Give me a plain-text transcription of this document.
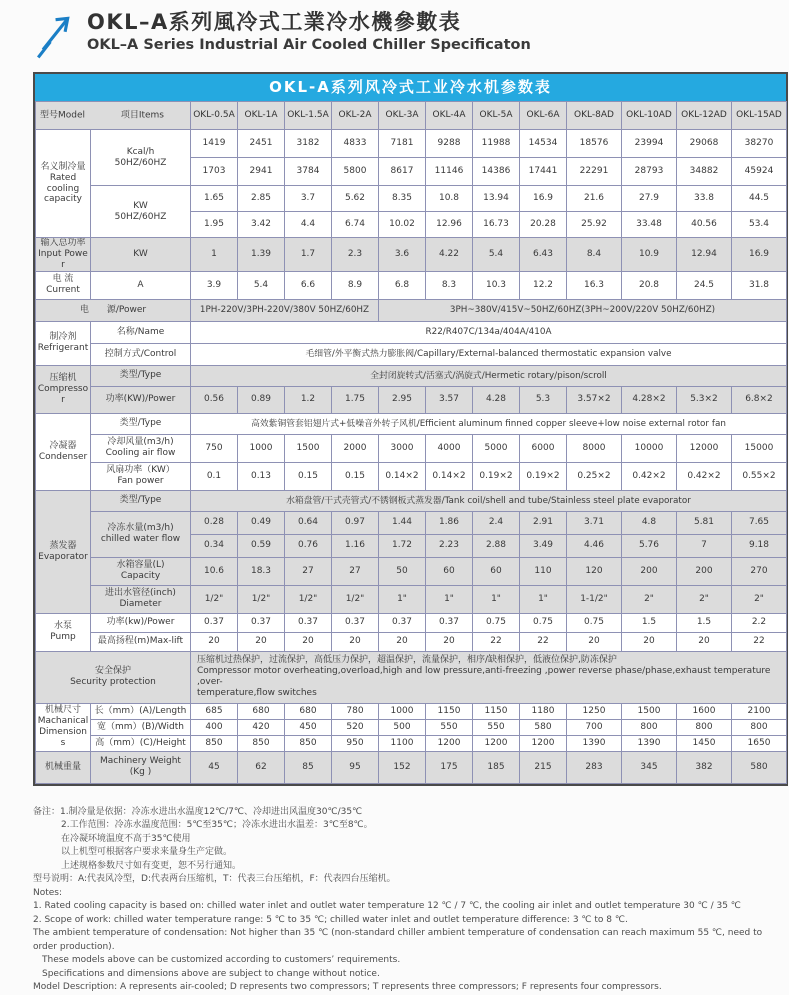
OKL–A系列風冷式工業冷水機參數表
OKL–A Series Industrial Air Cooled Chiller Specificaton
OKL-A系列风冷式工业冷水机参数表
型号Model 项目Items		OKL-0.5A	OKL-1A	OKL-1.5A	OKL-2A	OKL-3A	OKL-4A	OKL-5A	OKL-6A	OKL-8AD	OKL-10AD	OKL-12AD	OKL-15AD
名义制冷量
Rated
cooling
capacity	Kcal/h
50HZ/60HZ	1419	2451	3182	4833	7181	9288	11988	14534	18576	23994	29068	38270
		1703	2941	3784	5800	8617	11146	14386	17441	22291	28793	34882	45924
	KW
50HZ/60HZ	1.65	2.85	3.7	5.62	8.35	10.8	13.94	16.9	21.6	27.9	33.8	44.5
		1.95	3.42	4.4	6.74	10.02	12.96	16.73	20.28	25.92	33.48	40.56	53.4
输入总功率
Input Power	KW	1	1.39	1.7	2.3	3.6	4.22	5.4	6.43	8.4	10.9	12.94	16.9
电 流
Current	A	3.9	5.4	6.6	8.9	6.8	8.3	10.3	12.2	16.3	20.8	24.5	31.8
电　　源/Power		1PH-220V/3PH-220V/380V 50HZ/60HZ				3PH~380V/415V~50HZ/60HZ(3PH~200V/220V 50HZ/60HZ)							
制冷剂
Refrigerant	名称/Name	R22/R407C/134a/404A/410A											
	控制方式/Control	毛细管/外平衡式热力膨胀阀/Capillary/External-balanced thermostatic expansion valve											
压缩机
Compressor	类型/Type	全封闭旋转式/活塞式/涡旋式/Hermetic rotary/pison/scroll											
	功率(KW)/Power	0.56	0.89	1.2	1.75	2.95	3.57	4.28	5.3	3.57×2	4.28×2	5.3×2	6.8×2
冷凝器
Condenser	类型/Type	高效紫铜管套铝翅片式+低噪音外转子风机/Efficient aluminum finned copper sleeve+low noise external rotor fan											
	冷却风量(m3/h)
Cooling air flow	750	1000	1500	2000	3000	4000	5000	6000	8000	10000	12000	15000
	风扇功率（KW）
Fan power	0.1	0.13	0.15	0.15	0.14×2	0.14×2	0.19×2	0.19×2	0.25×2	0.42×2	0.42×2	0.55×2
蒸发器
Evaporator	类型/Type	水箱盘管/干式壳管式/不锈钢板式蒸发器/Tank coil/shell and tube/Stainless steel plate evaporator											
	冷冻水量(m3/h)
chilled water flow	0.28	0.49	0.64	0.97	1.44	1.86	2.4	2.91	3.71	4.8	5.81	7.65
		0.34	0.59	0.76	1.16	1.72	2.23	2.88	3.49	4.46	5.76	7	9.18
	水箱容量(L)
Capacity	10.6	18.3	27	27	50	60	60	110	120	200	200	270
	进出水管径(inch)
Diameter	1/2"	1/2"	1/2"	1/2"	1"	1"	1"	1"	1-1/2"	2"	2"	2"
水泵
Pump	功率(kw)/Power	0.37	0.37	0.37	0.37	0.37	0.37	0.75	0.75	0.75	1.5	1.5	2.2
	最高扬程(m)Max-lift	20	20	20	20	20	20	22	22	20	20	20	22
安全保护
Security protection		压缩机过热保护，过流保护，高低压力保护，超温保护，流量保护，相序/缺相保护，低液位保护,防冻保护
Compressor motor overheating,overload,high and low pressure,anti-freezing ,power reverse phase/phase,exhaust temperature ,over-
temperature,flow switches											
机械尺寸
Machanical
Dimensions	长（mm）(A)/Length	685	680	680	780	1000	1150	1150	1180	1250	1500	1600	2100
	宽（mm）(B)/Width	400	420	450	520	500	550	550	580	700	800	800	800
	高（mm）(C)/Height	850	850	850	950	1100	1200	1200	1200	1390	1390	1450	1650
机械重量	Machinery Weight
(Kg )	45	62	85	95	152	175	185	215	283	345	382	580
备注：1.制冷量是依据：冷冻水进出水温度12℃/7℃、冷却进出风温度30℃/35℃
2.工作范围：冷冻水温度范围：5℃至35℃；冷冻水进出水温差：3℃至8℃。
在冷凝环境温度不高于35℃使用
以上机型可根据客户要求来量身生产定做。
上述规格参数尺寸如有变更，恕不另行通知。
型号说明：A:代表风冷型，D:代表两台压缩机，T：代表三台压缩机，F：代表四台压缩机。
Notes:
1. Rated cooling capacity is based on: chilled water inlet and outlet water temperature 12 ℃ / 7 ℃, the cooling air inlet and outlet temperature 30 ℃ / 35 ℃
2. Scope of work: chilled water temperature range: 5 ℃ to 35 ℃; chilled water inlet and outlet temperature difference: 3 ℃ to 8 ℃.
The ambient temperature of condensation: Not higher than 35 ℃ (non-standard chiller ambient temperature of condensation can reach maximum 55 ℃, need to order production).
These models above can be customized according to customers’ requirements.
Specifications and dimensions above are subject to change without notice.
Model Description: A represents air-cooled; D represents two compressors; T represents three compressors; F represents four compressors.
